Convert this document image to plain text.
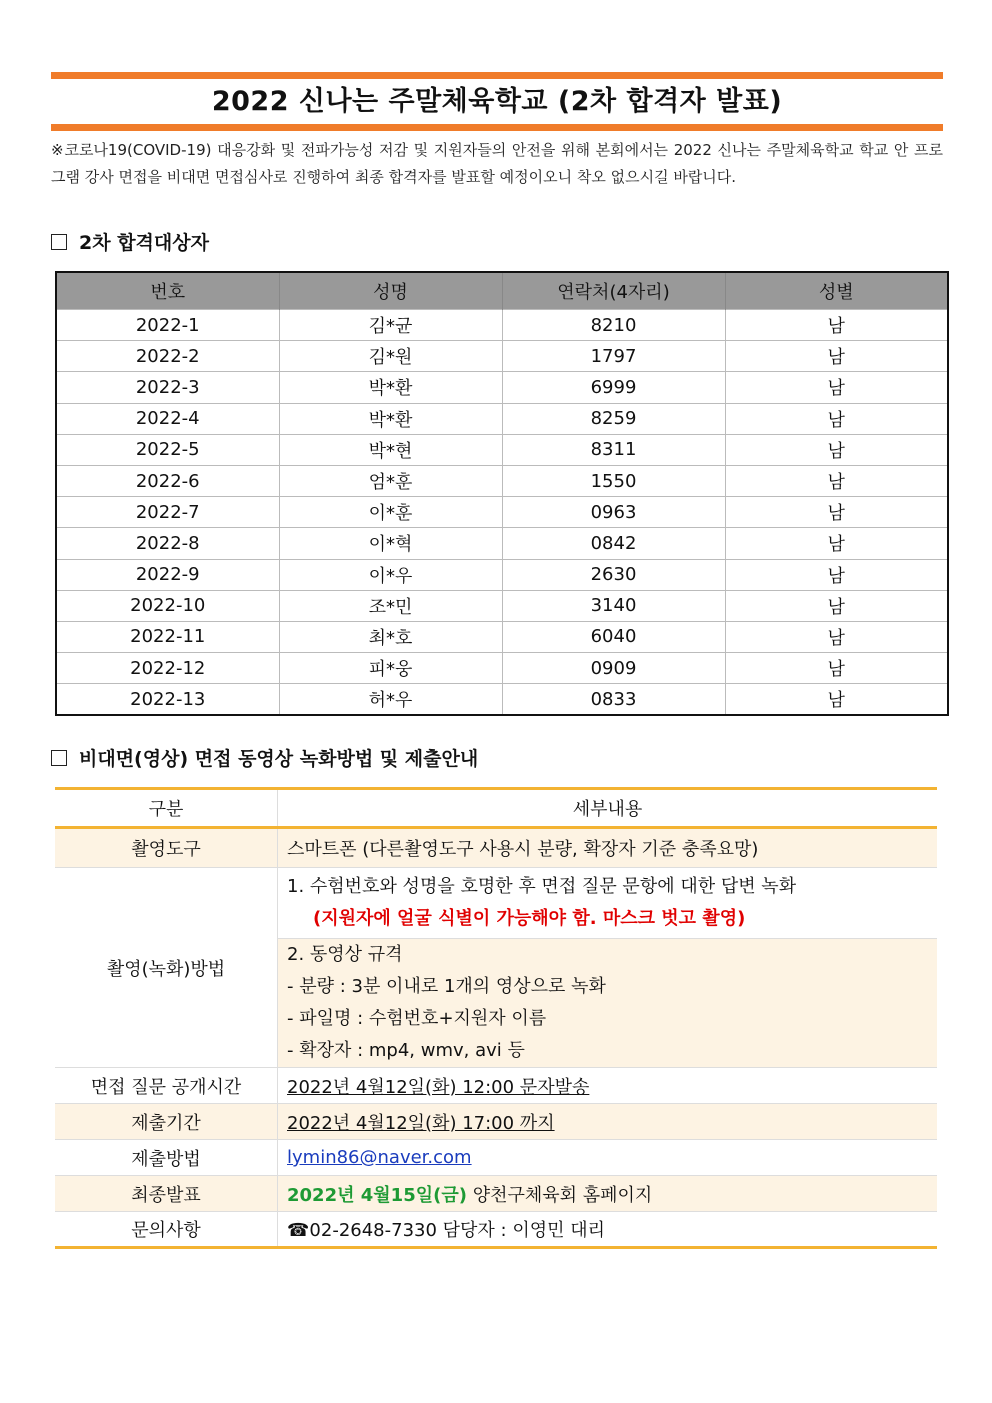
2022 신나는 주말체육학교 (2차 합격자 발표)
※코로나19(COVID-19) 대응강화 및 전파가능성 저감 및 지원자들의 안전을 위해 본회에서는 2022 신나는 주말체육학교 학교 안 프로그램 강사 면접을 비대면 면접심사로 진행하여 최종 합격자를 발표할 예정이오니 착오 없으시길 바랍니다.
2차 합격대상자
번호	성명	연락처(4자리)	성별
2022-1	김*균	8210	남
2022-2	김*원	1797	남
2022-3	박*환	6999	남
2022-4	박*환	8259	남
2022-5	박*현	8311	남
2022-6	엄*훈	1550	남
2022-7	이*훈	0963	남
2022-8	이*혁	0842	남
2022-9	이*우	2630	남
2022-10	조*민	3140	남
2022-11	최*호	6040	남
2022-12	피*웅	0909	남
2022-13	허*우	0833	남
비대면(영상) 면접 동영상 녹화방법 및 제출안내
구분	세부내용
촬영도구	스마트폰 (다른촬영도구 사용시 분량, 확장자 기준 충족요망)
촬영(녹화)방법	1. 수험번호와 성명을 호명한 후 면접 질문 문항에 대한 답변 녹화
(지원자에 얼굴 식별이 가능해야 함. 마스크 벗고 촬영)

	2. 동영상 규격
- 분량 : 3분 이내로 1개의 영상으로 녹화
- 파일명 : 수험번호+지원자 이름
- 확장자 : mp4, wmv, avi 등

면접 질문 공개시간	2022년 4월12일(화) 12:00 문자발송
제출기간	2022년 4월12일(화) 17:00 까지
제출방법	lymin86@naver.com
최종발표	2022년 4월15일(금) 양천구체육회 홈페이지
문의사항	☎02-2648-7330 담당자 : 이영민 대리
